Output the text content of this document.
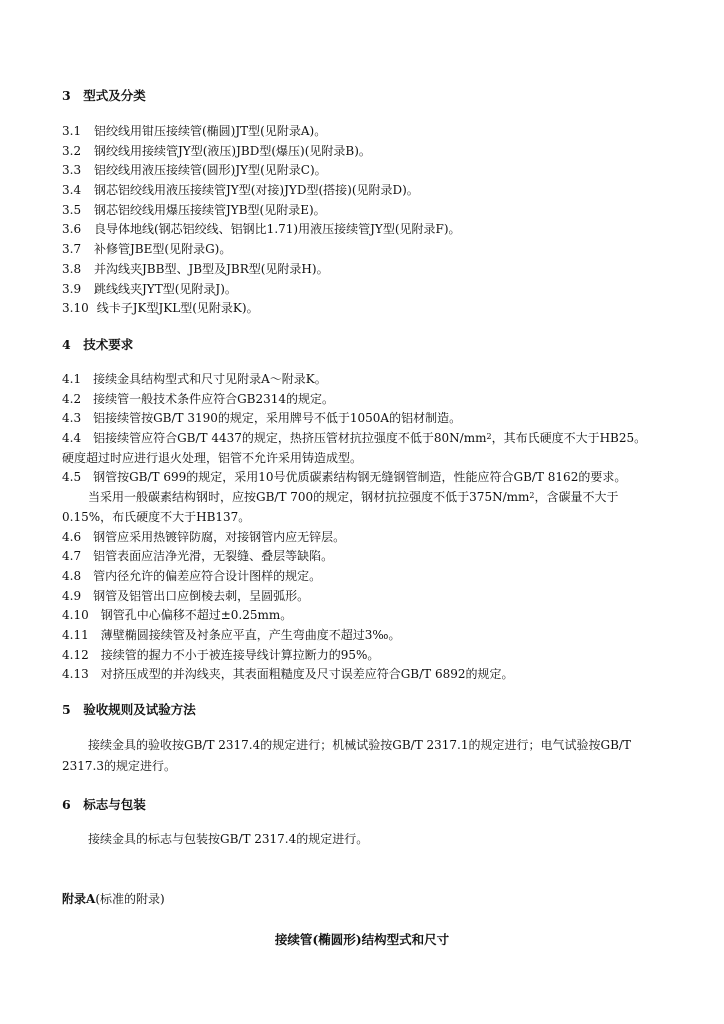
3　型式及分类
3.1 铝绞线用钳压接续管(椭圆)JT型(见附录A)。
3.2 钢绞线用接续管JY型(液压)JBD型(爆压)(见附录B)。
3.3 铝绞线用液压接续管(圆形)JY型(见附录C)。
3.4 钢芯铝绞线用液压接续管JY型(对接)JYD型(搭接)(见附录D)。
3.5 钢芯铝绞线用爆压接续管JYB型(见附录E)。
3.6 良导体地线(钢芯铝绞线、铝钢比1.71)用液压接续管JY型(见附录F)。
3.7 补修管JBE型(见附录G)。
3.8 并沟线夹JBB型、JB型及JBR型(见附录H)。
3.9 跳线线夹JYT型(见附录J)。
3.10 线卡子JK型JKL型(见附录K)。
4　技术要求
4.1　接续金具结构型式和尺寸见附录A～附录K。
4.2　接续管一般技术条件应符合GB2314的规定。
4.3　铝接续管按GB/T 3190的规定，采用牌号不低于1050A的铝材制造。
4.4　铝接续管应符合GB/T 4437的规定，热挤压管材抗拉强度不低于$80N/mm^2$，其布氏硬度不大于HB25。
硬度超过时应进行退火处理，铝管不允许采用铸造成型。
4.5　钢管按GB/T 699的规定，采用10号优质碳素结构钢无缝钢管制造，性能应符合GB/T 8162的要求。
当采用一般碳素结构钢时，应按GB/T 700的规定，钢材抗拉强度不低于$375N/mm^2$，含碳量不大于
0.15%，布氏硬度不大于HB137。
4.6　钢管应采用热镀锌防腐，对接钢管内应无锌层。
4.7　铝管表面应洁净光滑，无裂缝、叠层等缺陷。
4.8　管内径允许的偏差应符合设计图样的规定。
4.9　钢管及铝管出口应倒棱去刺，呈圆弧形。
4.10　钢管孔中心偏移不超过±0.25mm。
4.11　薄壁椭圆接续管及衬条应平直，产生弯曲度不超过3‰。
4.12　接续管的握力不小于被连接导线计算拉断力的95%。
4.13　对挤压成型的并沟线夹，其表面粗糙度及尺寸误差应符合GB/T 6892的规定。
5　验收规则及试验方法
接续金具的验收按GB/T 2317.4的规定进行；机械试验按GB/T 2317.1的规定进行；电气试验按GB/T
2317.3的规定进行。
6　标志与包装
接续金具的标志与包装按GB/T 2317.4的规定进行。
附录A(标准的附录)
接续管(椭圆形)结构型式和尺寸
